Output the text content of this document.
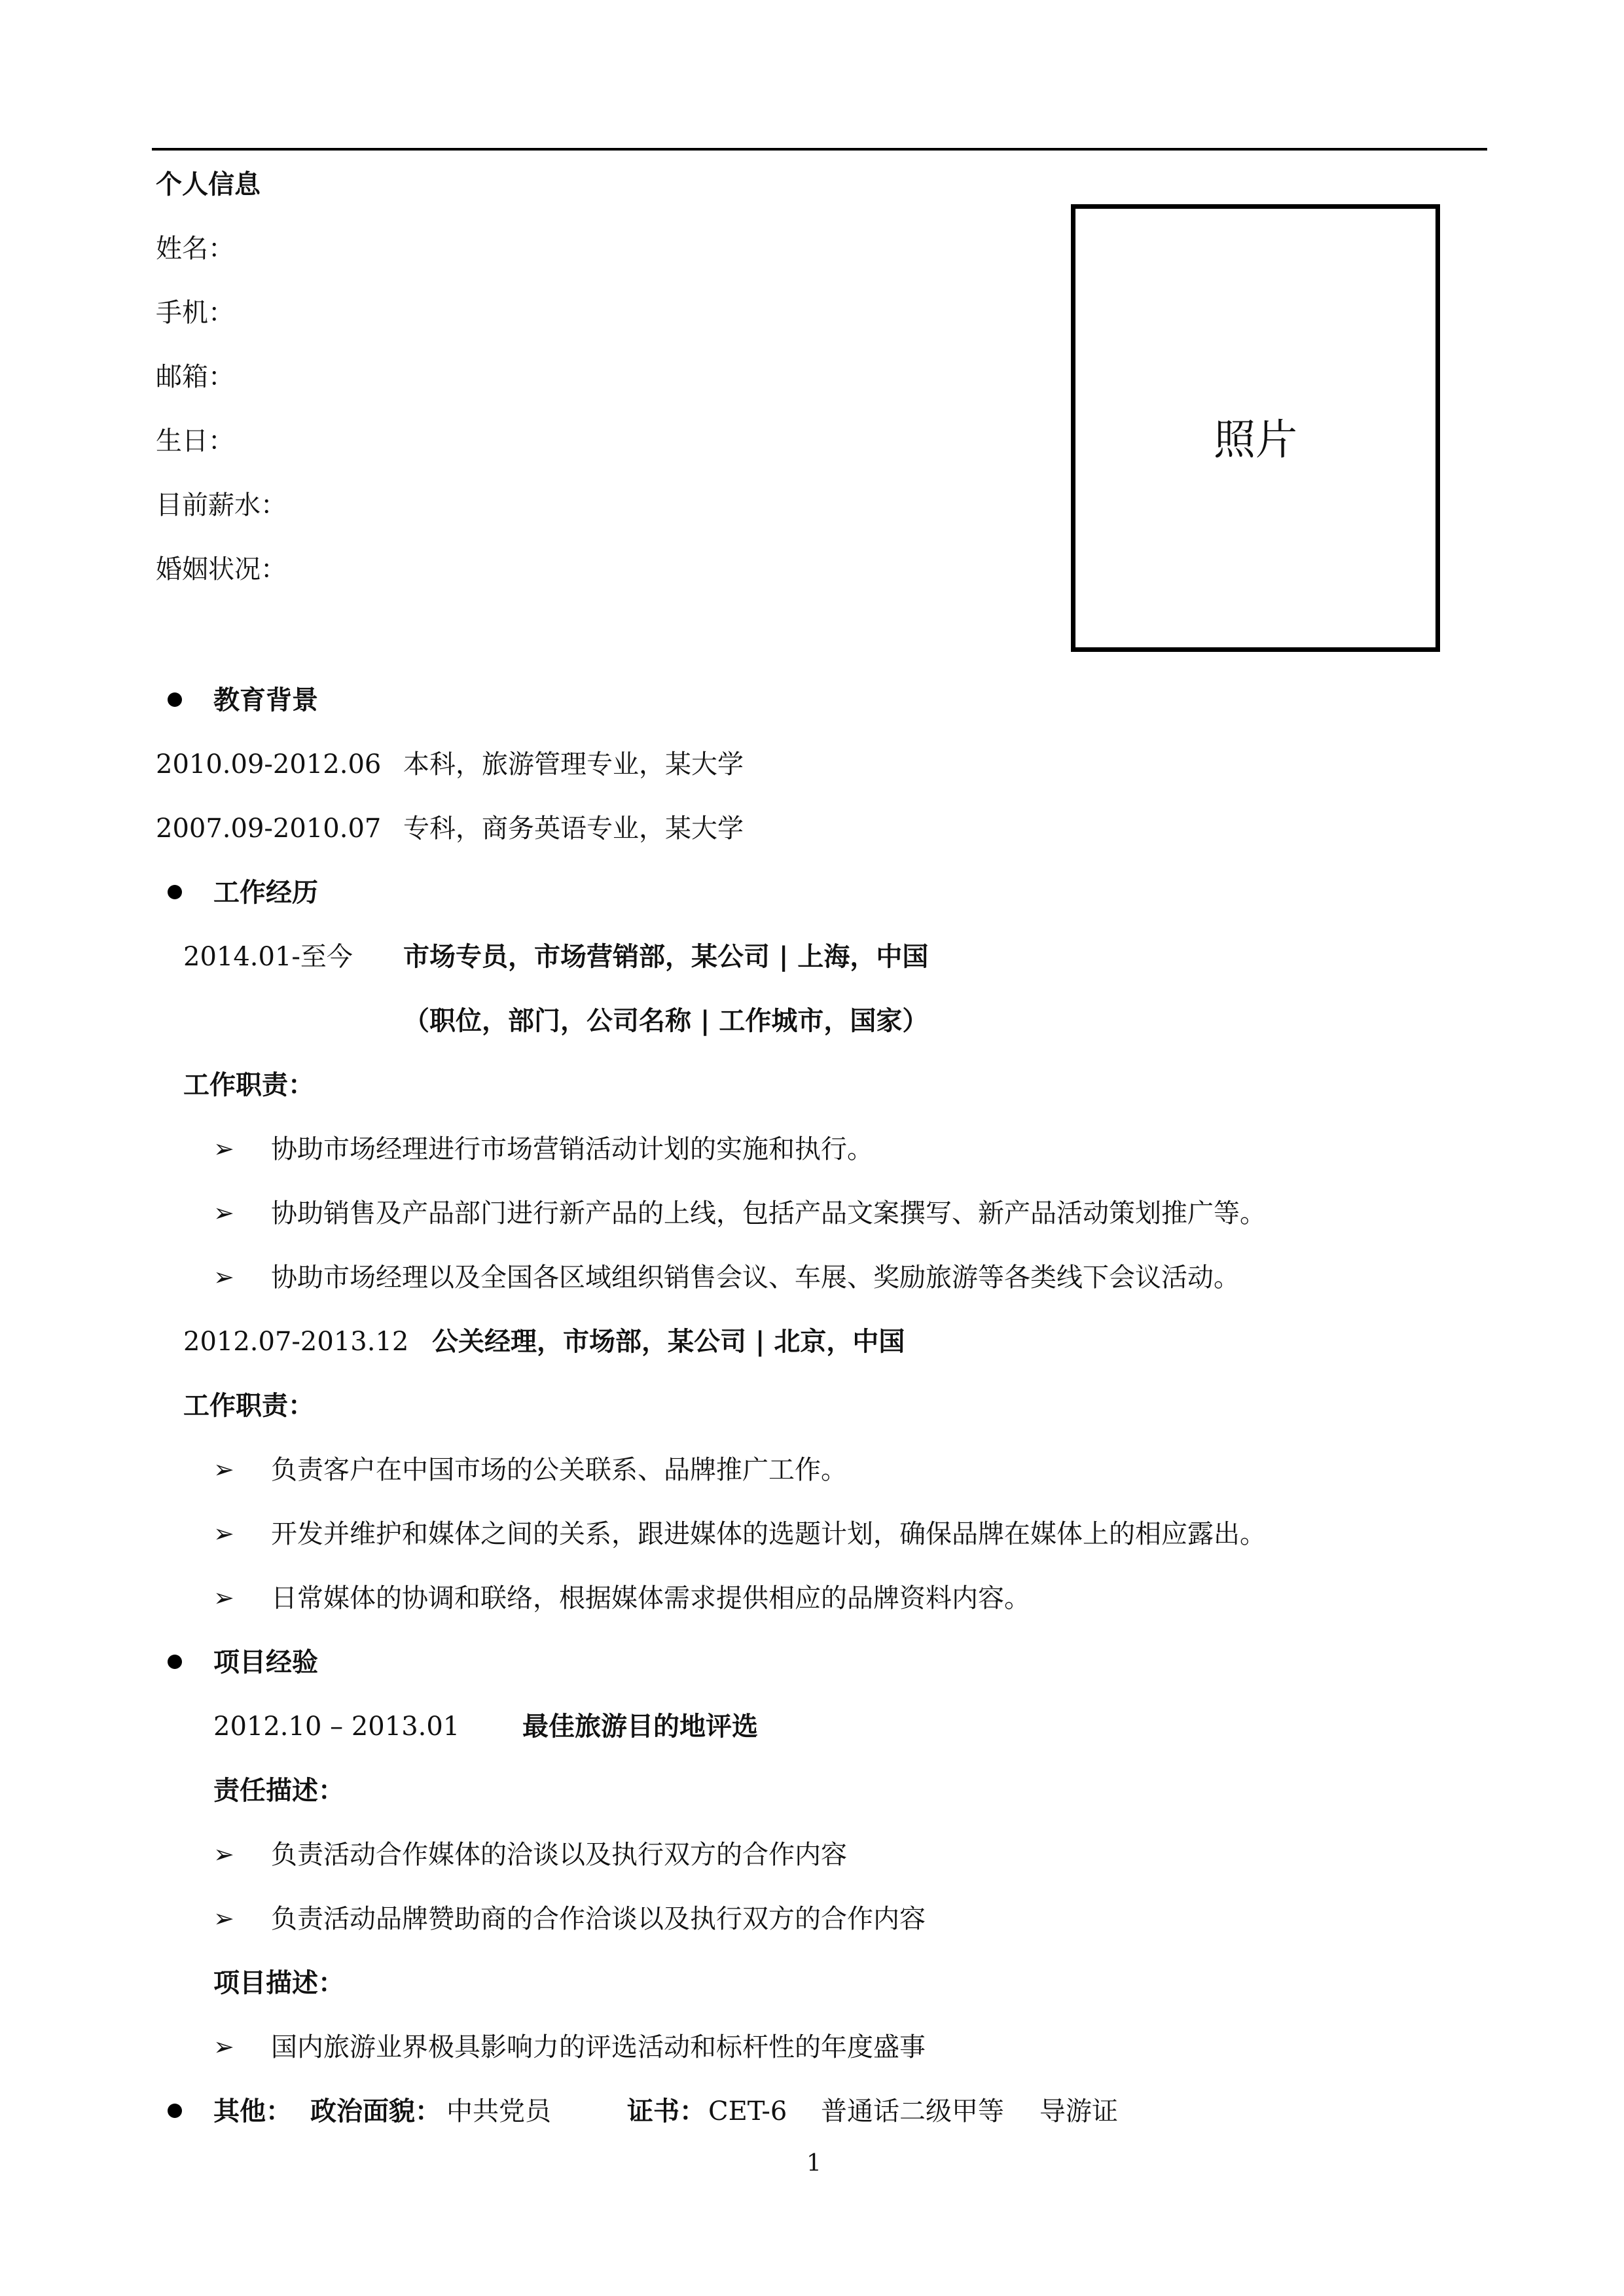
个人信息
姓名：
手机：
邮箱：
生日：
目前薪水：
婚姻状况：
照片
教育背景
2010.09-2012.06 本科，旅游管理专业，某大学
2007.09-2010.07 专科，商务英语专业，某大学
工作经历
2014.01-至今 市场专员，市场营销部，某公司 | 上海，中国
（职位，部门，公司名称 | 工作城市，国家）
工作职责：
➢ 协助市场经理进行市场营销活动计划的实施和执行。
➢ 协助销售及产品部门进行新产品的上线，包括产品文案撰写、新产品活动策划推广等。
➢ 协助市场经理以及全国各区域组织销售会议、车展、奖励旅游等各类线下会议活动。
2012.07-2013.12 公关经理，市场部，某公司 | 北京，中国
工作职责：
➢ 负责客户在中国市场的公关联系、品牌推广工作。
➢ 开发并维护和媒体之间的关系，跟进媒体的选题计划，确保品牌在媒体上的相应露出。
➢ 日常媒体的协调和联络，根据媒体需求提供相应的品牌资料内容。
项目经验
2012.10 – 2013.01 最佳旅游目的地评选
责任描述：
➢ 负责活动合作媒体的洽谈以及执行双方的合作内容
➢ 负责活动品牌赞助商的合作洽谈以及执行双方的合作内容
项目描述：
➢ 国内旅游业界极具影响力的评选活动和标杆性的年度盛事
其他： 政治面貌： 中共党员	证书： CET-6 普通话二级甲等 导游证
1
